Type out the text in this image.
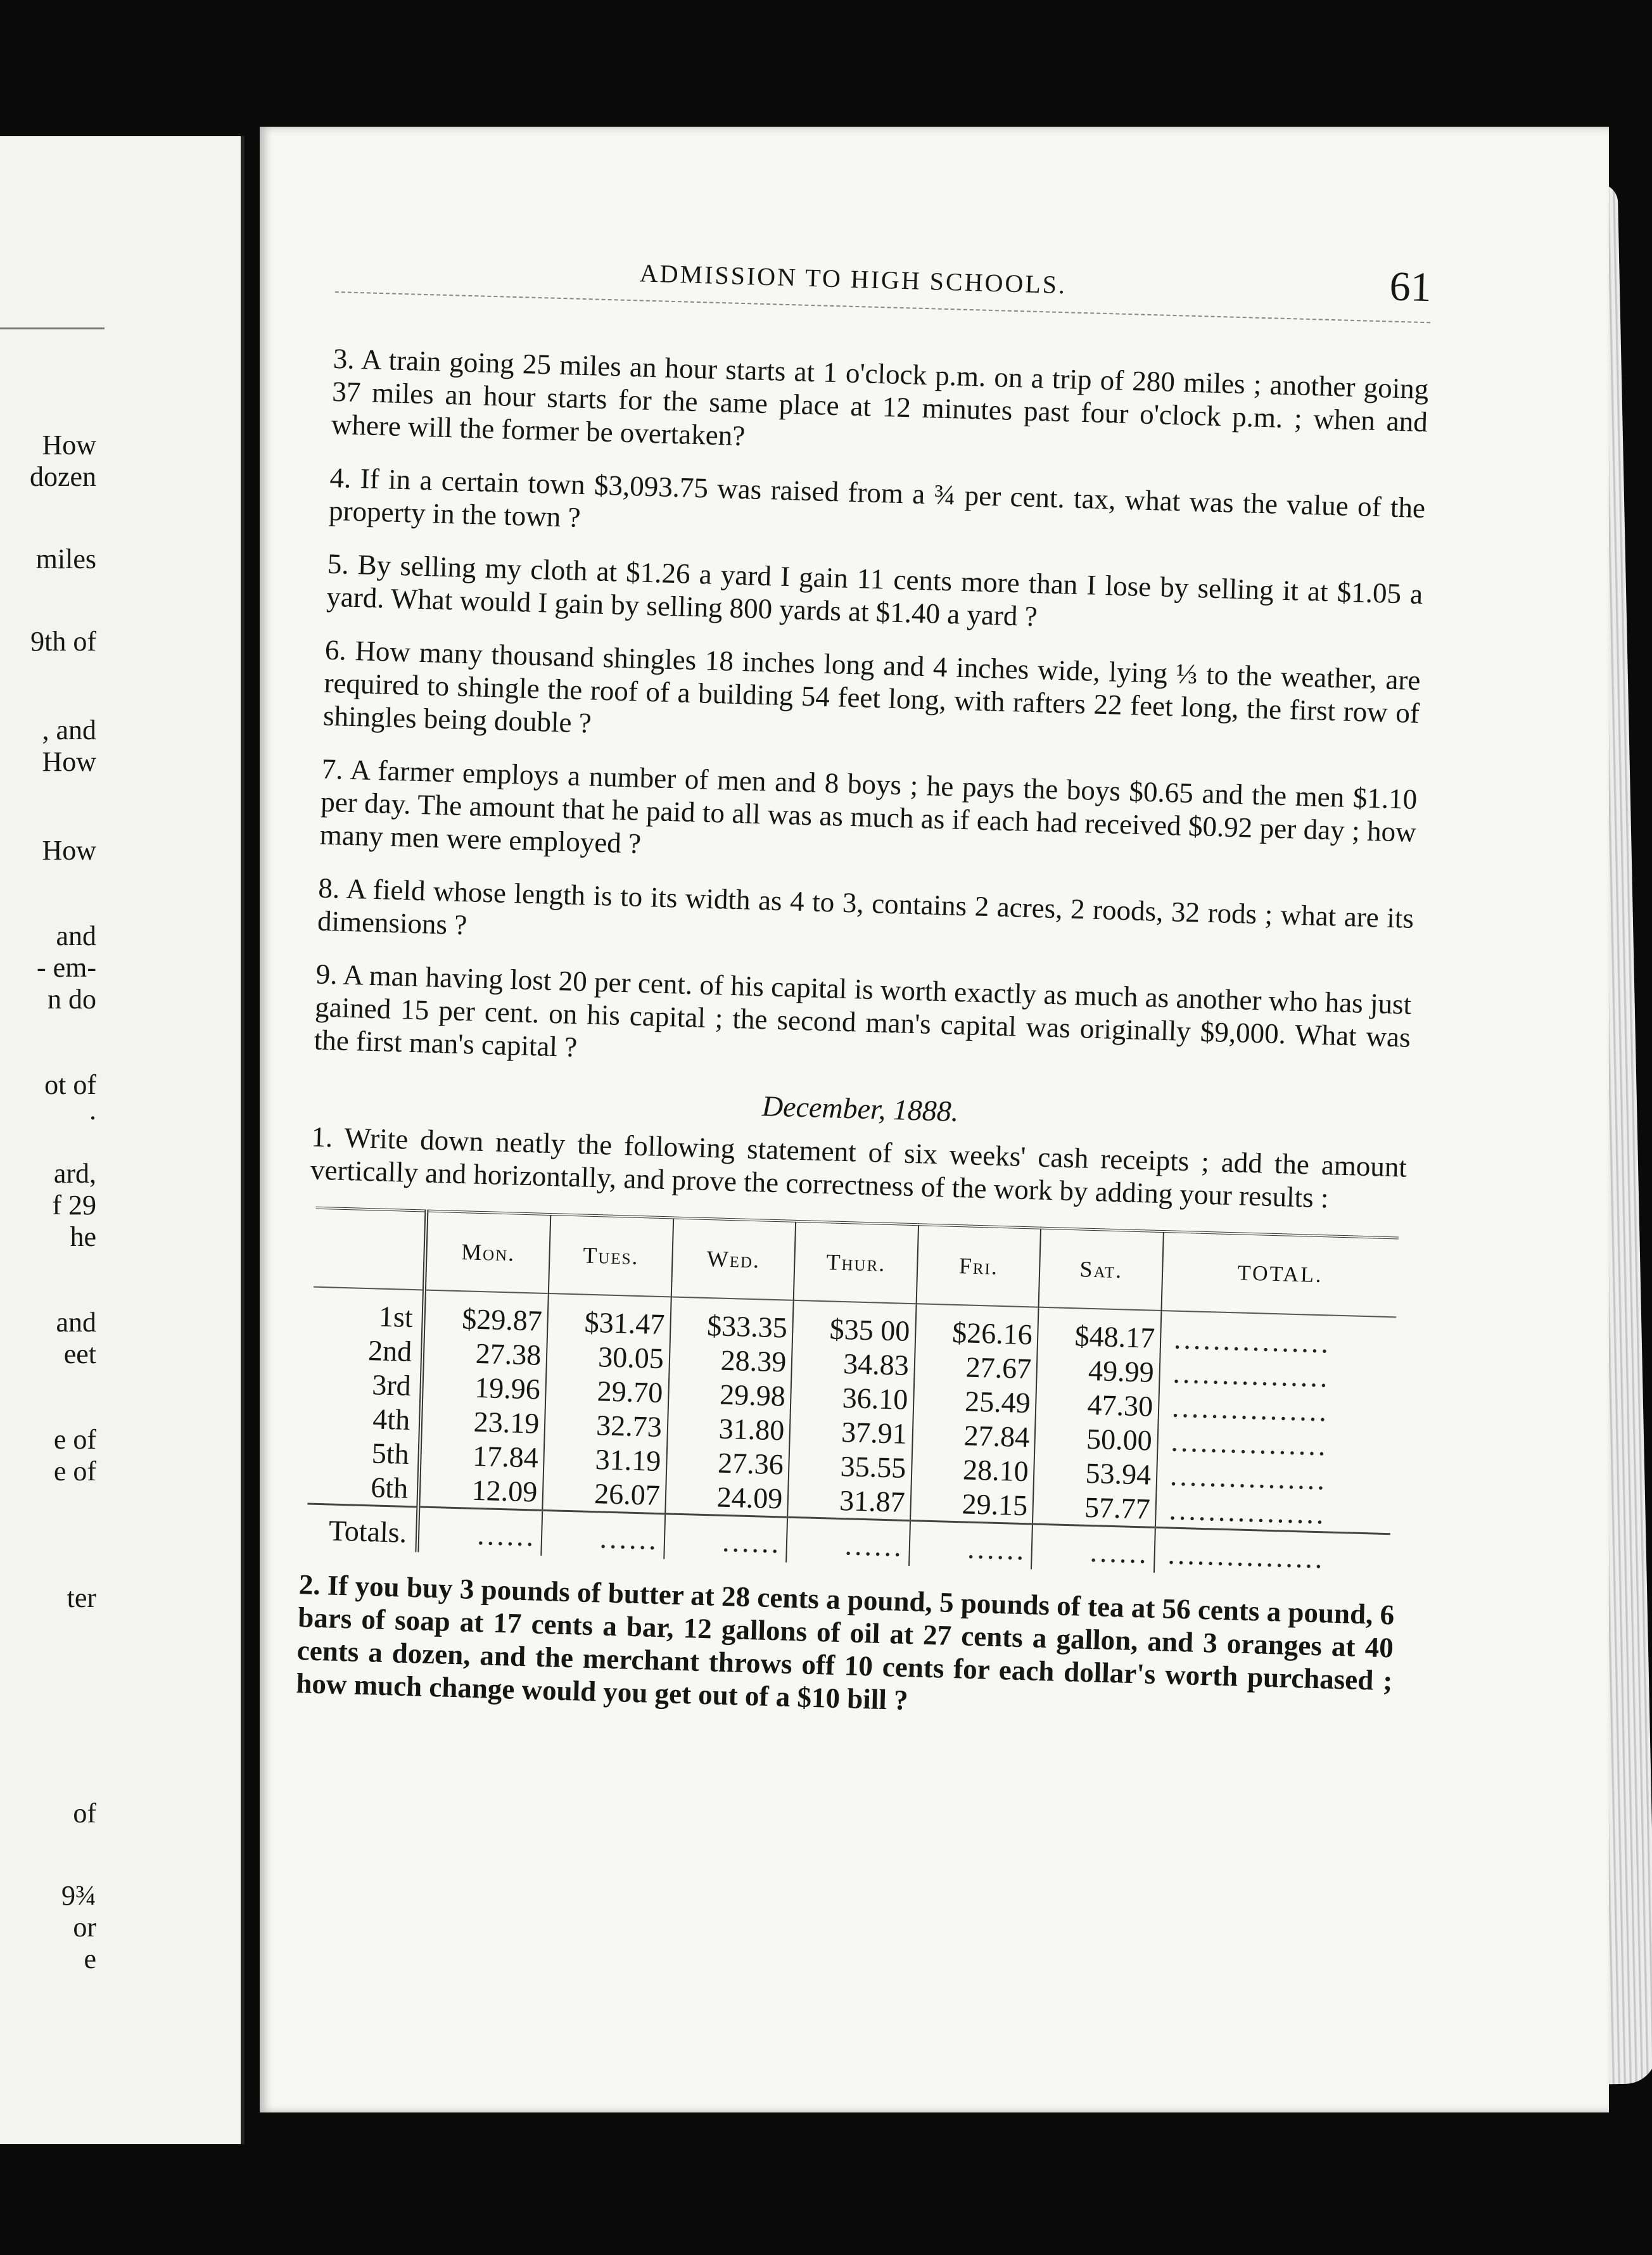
How
dozen
miles
9th of
, and
How
How
and
- em-
n do
ot of
.
ard,
f 29
he
and
eet
e of
e of
ter
of
9¾
or
e
ADMISSION TO HIGH SCHOOLS.	61

3. A train going 25 miles an hour starts at 1 o'clock p.m. on a trip of 280 miles ; another going 37 miles an hour starts for the same place at 12 minutes past four o'clock p.m. ; when and where will the former be overtaken?

4. If in a certain town $3,093.75 was raised from a ¾ per cent. tax, what was the value of the property in the town ?

5. By selling my cloth at $1.26 a yard I gain 11 cents more than I lose by selling it at $1.05 a yard. What would I gain by selling 800 yards at $1.40 a yard ?

6. How many thousand shingles 18 inches long and 4 inches wide, lying ⅓ to the weather, are required to shingle the roof of a building 54 feet long, with rafters 22 feet long, the first row of shingles being double ?

7. A farmer employs a number of men and 8 boys ; he pays the boys $0.65 and the men $1.10 per day. The amount that he paid to all was as much as if each had received $0.92 per day ; how many men were employed ?

8. A field whose length is to its width as 4 to 3, contains 2 acres, 2 roods, 32 rods ; what are its dimensions ?

9. A man having lost 20 per cent. of his capital is worth exactly as much as another who has just gained 15 per cent. on his capital ; the second man's capital was originally $9,000. What was the first man's capital ?

December, 1888.

1. Write down neatly the following statement of six weeks' cash receipts ; add the amount vertically and horizontally, and prove the correctness of the work by adding your results :

	Mon.	Tues.	Wed.	Thur.	Fri.	Sat.	TOTAL.
1st	$29.87	$31.47	$33.35	$35 00	$26.16	$48.17	................
2nd	27.38	30.05	28.39	34.83	27.67	49.99	................
3rd	19.96	29.70	29.98	36.10	25.49	47.30	................
4th	23.19	32.73	31.80	37.91	27.84	50.00	................
5th	17.84	31.19	27.36	35.55	28.10	53.94	................
6th	12.09	26.07	24.09	31.87	29.15	57.77	................
Totals.	......	......	......	......	......	......	................

2. If you buy 3 pounds of butter at 28 cents a pound, 5 pounds of tea at 56 cents a pound, 6 bars of soap at 17 cents a bar, 12 gallons of oil at 27 cents a gallon, and 3 oranges at 40 cents a dozen, and the merchant throws off 10 cents for each dollar's worth purchased ; how much change would you get out of a $10 bill ?
